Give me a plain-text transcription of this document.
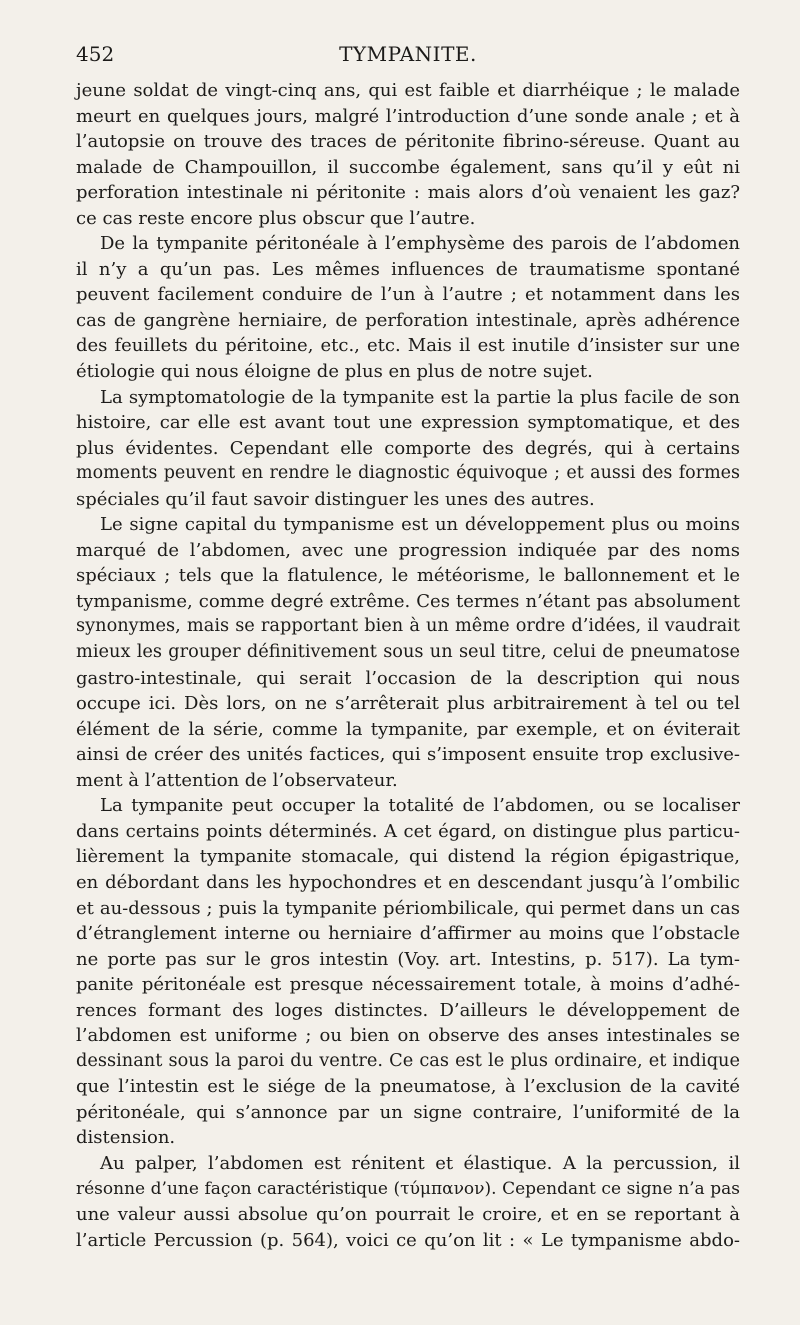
452	TYMPANITE.
jeune soldat de vingt-cinq ans, qui est faible et diarrhéique ; le malade
meurt en quelques jours, malgré l’introduction d’une sonde anale ; et à
l’autopsie on trouve des traces de péritonite fibrino-séreuse. Quant au
malade de Champouillon, il succombe également, sans qu’il y eût ni
perforation intestinale ni péritonite : mais alors d’où venaient les gaz?
ce cas reste encore plus obscur que l’autre.
De la tympanite péritonéale à l’emphysème des parois de l’abdomen
il n’y a qu’un pas. Les mêmes influences de traumatisme spontané
peuvent facilement conduire de l’un à l’autre ; et notamment dans les
cas de gangrène herniaire, de perforation intestinale, après adhérence
des feuillets du péritoine, etc., etc. Mais il est inutile d’insister sur une
étiologie qui nous éloigne de plus en plus de notre sujet.
La symptomatologie de la tympanite est la partie la plus facile de son
histoire, car elle est avant tout une expression symptomatique, et des
plus évidentes. Cependant elle comporte des degrés, qui à certains
moments peuvent en rendre le diagnostic équivoque ; et aussi des formes
spéciales qu’il faut savoir distinguer les unes des autres.
Le signe capital du tympanisme est un développement plus ou moins
marqué de l’abdomen, avec une progression indiquée par des noms
spéciaux ; tels que la flatulence, le météorisme, le ballonnement et le
tympanisme, comme degré extrême. Ces termes n’étant pas absolument
synonymes, mais se rapportant bien à un même ordre d’idées, il vaudrait
mieux les grouper définitivement sous un seul titre, celui de pneumatose
gastro-intestinale, qui serait l’occasion de la description qui nous
occupe ici. Dès lors, on ne s’arrêterait plus arbitrairement à tel ou tel
élément de la série, comme la tympanite, par exemple, et on éviterait
ainsi de créer des unités factices, qui s’imposent ensuite trop exclusive-
ment à l’attention de l’observateur.
La tympanite peut occuper la totalité de l’abdomen, ou se localiser
dans certains points déterminés. A cet égard, on distingue plus particu-
lièrement la tympanite stomacale, qui distend la région épigastrique,
en débordant dans les hypochondres et en descendant jusqu’à l’ombilic
et au-dessous ; puis la tympanite périombilicale, qui permet dans un cas
d’étranglement interne ou herniaire d’affirmer au moins que l’obstacle
ne porte pas sur le gros intestin (Voy. art. Intestins, p. 517). La tym-
panite péritonéale est presque nécessairement totale, à moins d’adhé-
rences formant des loges distinctes. D’ailleurs le développement de
l’abdomen est uniforme ; ou bien on observe des anses intestinales se
dessinant sous la paroi du ventre. Ce cas est le plus ordinaire, et indique
que l’intestin est le siége de la pneumatose, à l’exclusion de la cavité
péritonéale, qui s’annonce par un signe contraire, l’uniformité de la
distension.
Au palper, l’abdomen est rénitent et élastique. A la percussion, il
résonne d’une façon caractéristique (τύμπανον). Cependant ce signe n’a pas
une valeur aussi absolue qu’on pourrait le croire, et en se reportant à
l’article Percussion (p. 564), voici ce qu’on lit : « Le tympanisme abdo-
